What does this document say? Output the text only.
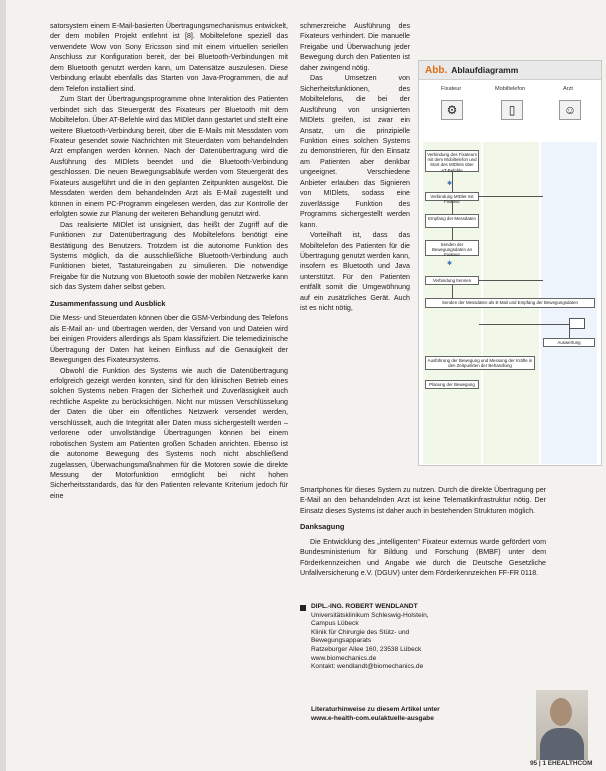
satorsystem einem E-Mail-basierten Übertragungsmechanismus entwickelt, der dem mobilen Projekt entlehnt ist [8]. Mobiltelefone speziell das verwendete Wow von Sony Ericsson sind mit einem virtuellen seriellen Anschluss zur Konfiguration bereit, der bei Bluetooth-Verbindungen mit dem Bluetooth genutzt werden kann, um Datensätze auszulesen. Diese Verbindung erlaubt ebenfalls das Starten von Java-Programmen, die auf dem Telefon installiert sind.

Zum Start der Übertragungsprogramme ohne Interaktion des Patienten verbindet sich das Steuergerät des Fixateurs per Bluetooth mit dem Mobiltelefon. Über AT-Befehle wird das MIDlet dann gestartet und stellt eine weitere Bluetooth-Verbindung bereit, über die E-Mails mit Messdaten vom Fixateur gesendet sowie Nachrichten mit Steuerdaten vom behandelnden Arzt empfangen werden können. Nach der Datenübertragung wird die Ausführung des MIDlets beendet und die Bluetooth-Verbindung geschlossen. Die neuen Bewegungsabläufe werden vom Steuergerät des Fixateurs ausgeführt und die in den geplanten Zeitpunkten ausgelöst. Die Messdaten werden dem behandelnden Arzt als E-Mail zugestellt und können in einem PC-Programm eingelesen werden, das zur Kontrolle der erfolgten sowie zur Planung der weiteren Behandlung genutzt wird.

Das realisierte MIDlet ist unsigniert, das heißt der Zugriff auf die Funktionen zur Datenübertragung des Mobiltelefons benötigt eine Bestätigung des Benutzers. Trotzdem ist die autonome Funktion des Systems möglich, da die ausschließliche Bluetooth-Verbindung auch Funktionen bietet, Tastatureingaben zu simulieren. Die notwendige Freigabe für die Nutzung von Bluetooth sowie der mobilen Netzwerke kann sich das System daher selbst geben.

Zusammenfassung und Ausblick

Die Mess- und Steuerdaten können über die GSM-Verbindung des Telefons als E-Mail an- und übertragen werden, der Versand von und Dateien wird bei einigen Providers allerdings als Spam klassifiziert. Die telemedizinische Übertragung der Daten hat keinen Einfluss auf die Genauigkeit der Bewegungen des Fixateursystems.

Obwohl die Funktion des Systems wie auch die Datenübertragung erfolgreich gezeigt werden konnten, sind für den klinischen Betrieb eines solchen Systems neben Fragen der Sicherheit und Zuverlässigkeit auch rechtliche Aspekte zu berücksichtigen. Nicht nur müssen Verschlüsselung der Daten die über ein öffentliches Netzwerk versendet werden, verschlüsselt, auch die Integrität aller Daten muss sichergestellt werden – verlorene oder unvollständige Übertragungen können bei einem robotischen System am Patienten großen Schaden anrichten. Ebenso ist die autonome Bewegung des Systems noch nicht abschließend zugelassen, Überwachungsmaßnahmen für die Motoren sowie die direkte Messung der Motorfunktion ermöglicht bei nicht hohen Sicherheitsstandards, das für den Patienten relevante Kriterium jedoch für eine

schmerzreiche Ausführung des Fixateurs verhindert. Die manuelle Freigabe und Überwachung jeder Bewegung durch den Patienten ist daher zwingend nötig.

Das Umsetzen von Sicherheitsfunktionen, des Mobiltelefons, die bei der Ausführung von unsignierten MIDlets greifen, ist zwar ein Ansatz, um die prinzipielle Funktion eines solchen Systems zu demonstrieren, für den Einsatz am Patienten aber denkbar ungeeignet. Verschiedene Anbieter erlauben das Signieren von MIDlets, sodass eine zuverlässige Funktion des Programms sichergestellt werden kann.

Vorteilhaft ist, dass das Mobiltelefon des Patienten für die Übertragung genutzt werden kann, insofern es Bluetooth und Java unterstützt. Für den Patienten entfällt somit die Umgewöhnung auf ein zusätzliches Gerät. Auch ist es nicht nötig,

Abb. Ablaufdiagramm
Fixateur	Mobiltelefon	Arzt
⚙	▯	☺
Verbindung des Fixateurs mit dem Mobiltelefon und Start des MIDlets über AT-Befehle
✱
Verbindung MIDlet mit Fixateur
Empfang der Messdaten
Senden der Bewegungsdaten an Fixateur
✱
Verbindung trennen
Senden der Messdaten als E-Mail und Empfang der Bewegungsdaten
Auswertung
Ausführung der Bewegung und Messung der Kräfte in den Zeitpunkten der Behandlung
Planung der Bewegung

Smartphones für dieses System zu nutzen. Durch die direkte Übertragung per E-Mail an den behandelnden Arzt ist keine Telematikinfrastruktur nötig. Der Einsatz dieses Systems ist daher auch in bestehenden Strukturen möglich.

Danksagung

Die Entwicklung des „intelligenten“ Fixateur externus wurde gefördert vom Bundesministerium für Bildung und Forschung (BMBF) unter dem Förderkennzeichen und Angabe wie durch die Deutsche Gesetzliche Unfallversicherung e.V. (DGUV) unter dem Förderkennzeichen FF-FR 0118.

DIPL.-ING. ROBERT WENDLANDT
Universitätsklinikum Schleswig-Holstein,
Campus Lübeck
Klinik für Chirurgie des Stütz- und
Bewegungsapparats
Ratzeburger Allee 160, 23538 Lübeck
www.biomechanics.de
Kontakt: wendlandt@biomechanics.de
Literaturhinweise zu diesem Artikel unter
www.e-health-com.eu/aktuelle-ausgabe
95 | 1 EHEALTHCOM
